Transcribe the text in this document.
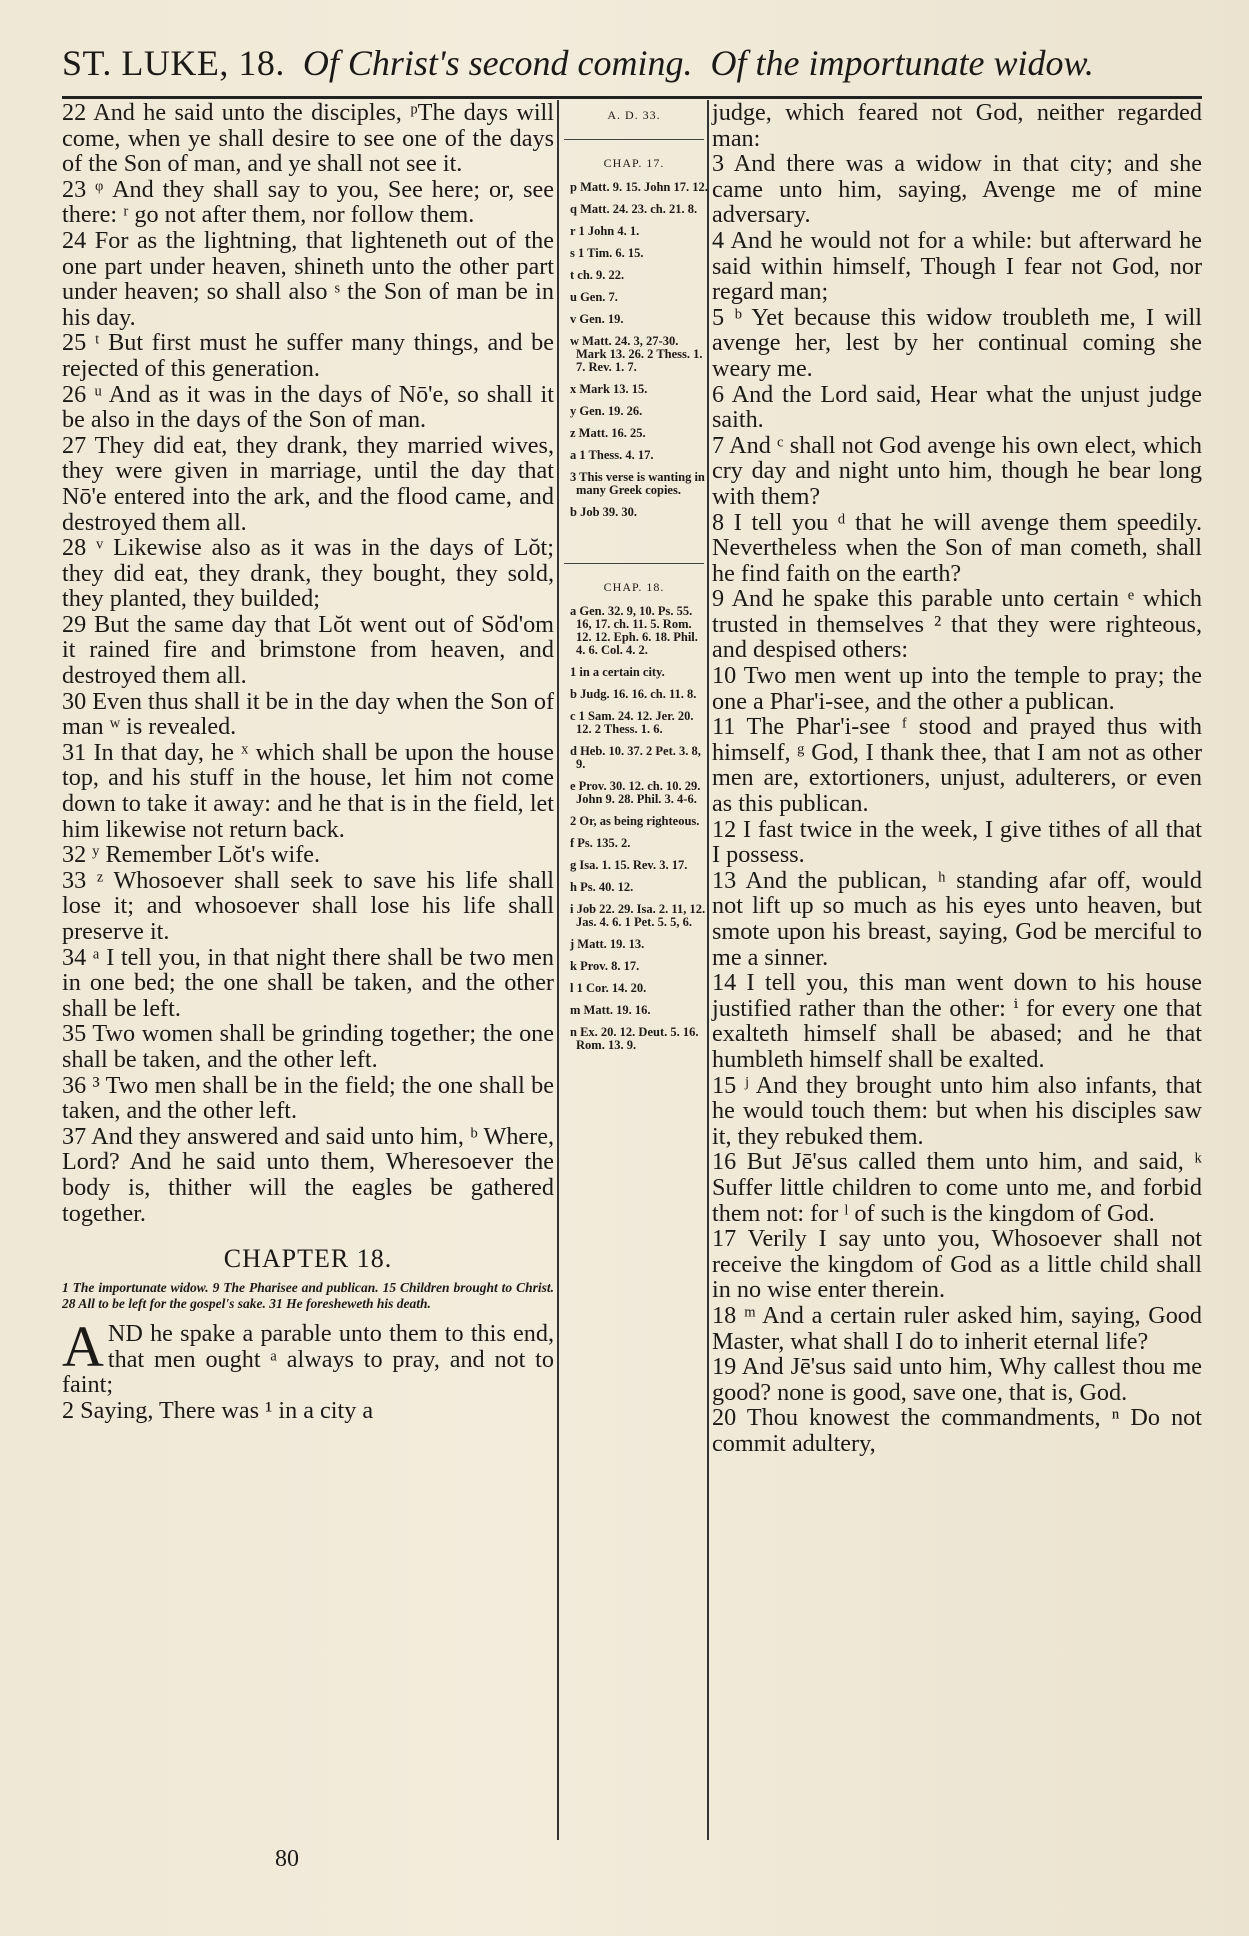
ST. LUKE, 18. Of Christ's second coming. Of the importunate widow.

22 And he said unto the disciples, ᵖThe days will come, when ye shall desire to see one of the days of the Son of man, and ye shall not see it.

23 ᵠ And they shall say to you, See here; or, see there: ʳ go not after them, nor follow them.

24 For as the lightning, that lighteneth out of the one part under heaven, shineth unto the other part under heaven; so shall also ˢ the Son of man be in his day.

25 ᵗ But first must he suffer many things, and be rejected of this generation.

26 ᵘ And as it was in the days of Nō'e, so shall it be also in the days of the Son of man.

27 They did eat, they drank, they married wives, they were given in marriage, until the day that Nō'e entered into the ark, and the flood came, and destroyed them all.

28 ᵛ Likewise also as it was in the days of Lŏt; they did eat, they drank, they bought, they sold, they planted, they builded;

29 But the same day that Lŏt went out of Sŏd'om it rained fire and brimstone from heaven, and destroyed them all.

30 Even thus shall it be in the day when the Son of man ʷ is revealed.

31 In that day, he ˣ which shall be upon the house top, and his stuff in the house, let him not come down to take it away: and he that is in the field, let him likewise not return back.

32 ʸ Remember Lŏt's wife.

33 ᶻ Whosoever shall seek to save his life shall lose it; and whosoever shall lose his life shall preserve it.

34 ᵃ I tell you, in that night there shall be two men in one bed; the one shall be taken, and the other shall be left.

35 Two women shall be grinding together; the one shall be taken, and the other left.

36 ³ Two men shall be in the field; the one shall be taken, and the other left.

37 And they answered and said unto him, ᵇ Where, Lord? And he said unto them, Wheresoever the body is, thither will the eagles be gathered together.

CHAPTER 18.
1 The importunate widow. 9 The Pharisee and publican. 15 Children brought to Christ. 28 All to be left for the gospel's sake. 31 He foresheweth his death.
A ND he spake a parable unto them to this end, that men ought ᵃ always to pray, and not to faint;

2 Saying, There was ¹ in a city a

A. D. 33.
CHAP. 17.
p Matt. 9. 15. John 17. 12.
q Matt. 24. 23. ch. 21. 8.
r 1 John 4. 1.
s 1 Tim. 6. 15.
t ch. 9. 22.
u Gen. 7.
v Gen. 19.
w Matt. 24. 3, 27-30. Mark 13. 26. 2 Thess. 1. 7. Rev. 1. 7.
x Mark 13. 15.
y Gen. 19. 26.
z Matt. 16. 25.
a 1 Thess. 4. 17.
3 This verse is wanting in many Greek copies.
b Job 39. 30.
CHAP. 18.
a Gen. 32. 9, 10. Ps. 55. 16, 17. ch. 11. 5. Rom. 12. 12. Eph. 6. 18. Phil. 4. 6. Col. 4. 2.
1 in a certain city.
b Judg. 16. 16. ch. 11. 8.
c 1 Sam. 24. 12. Jer. 20. 12. 2 Thess. 1. 6.
d Heb. 10. 37. 2 Pet. 3. 8, 9.
e Prov. 30. 12. ch. 10. 29. John 9. 28. Phil. 3. 4-6.
2 Or, as being righteous.
f Ps. 135. 2.
g Isa. 1. 15. Rev. 3. 17.
h Ps. 40. 12.
i Job 22. 29. Isa. 2. 11, 12. Jas. 4. 6. 1 Pet. 5. 5, 6.
j Matt. 19. 13.
k Prov. 8. 17.
l 1 Cor. 14. 20.
m Matt. 19. 16.
n Ex. 20. 12. Deut. 5. 16. Rom. 13. 9.

judge, which feared not God, neither regarded man:

3 And there was a widow in that city; and she came unto him, saying, Avenge me of mine adversary.

4 And he would not for a while: but afterward he said within himself, Though I fear not God, nor regard man;

5 ᵇ Yet because this widow troubleth me, I will avenge her, lest by her continual coming she weary me.

6 And the Lord said, Hear what the unjust judge saith.

7 And ᶜ shall not God avenge his own elect, which cry day and night unto him, though he bear long with them?

8 I tell you ᵈ that he will avenge them speedily. Nevertheless when the Son of man cometh, shall he find faith on the earth?

9 And he spake this parable unto certain ᵉ which trusted in themselves ² that they were righteous, and despised others:

10 Two men went up into the temple to pray; the one a Phar'i-see, and the other a publican.

11 The Phar'i-see ᶠ stood and prayed thus with himself, ᵍ God, I thank thee, that I am not as other men are, extortioners, unjust, adulterers, or even as this publican.

12 I fast twice in the week, I give tithes of all that I possess.

13 And the publican, ʰ standing afar off, would not lift up so much as his eyes unto heaven, but smote upon his breast, saying, God be merciful to me a sinner.

14 I tell you, this man went down to his house justified rather than the other: ⁱ for every one that exalteth himself shall be abased; and he that humbleth himself shall be exalted.

15 ʲ And they brought unto him also infants, that he would touch them: but when his disciples saw it, they rebuked them.

16 But Jē'sus called them unto him, and said, ᵏ Suffer little children to come unto me, and forbid them not: for ˡ of such is the kingdom of God.

17 Verily I say unto you, Whosoever shall not receive the kingdom of God as a little child shall in no wise enter therein.

18 ᵐ And a certain ruler asked him, saying, Good Master, what shall I do to inherit eternal life?

19 And Jē'sus said unto him, Why callest thou me good? none is good, save one, that is, God.

20 Thou knowest the commandments, ⁿ Do not commit adultery,

80
